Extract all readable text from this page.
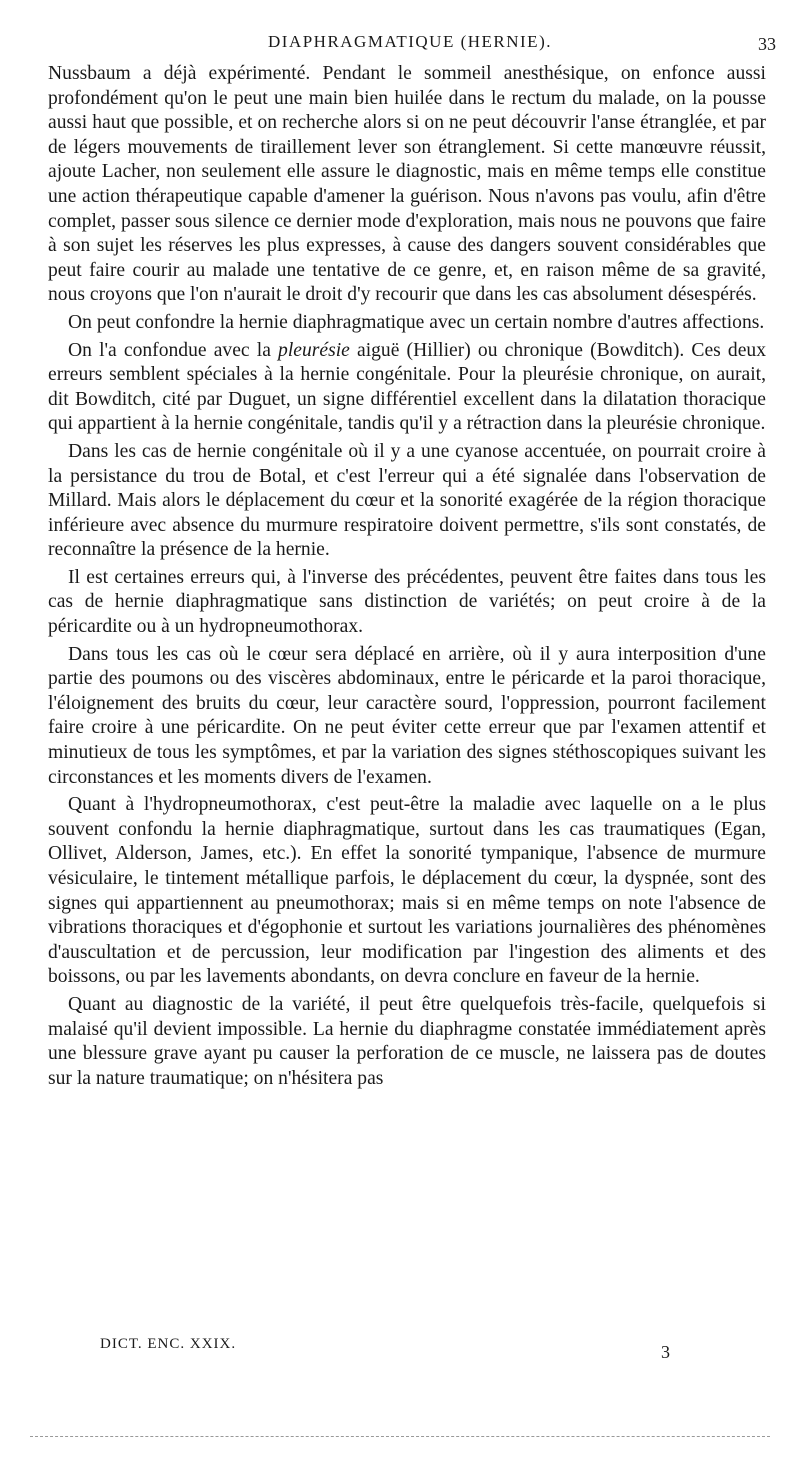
DIAPHRAGMATIQUE (HERNIE).	33

Nussbaum a déjà expérimenté. Pendant le sommeil anesthésique, on enfonce aussi profondément qu'on le peut une main bien huilée dans le rectum du malade, on la pousse aussi haut que possible, et on recherche alors si on ne peut découvrir l'anse étranglée, et par de légers mouvements de tiraillement lever son étranglement. Si cette manœuvre réussit, ajoute Lacher, non seulement elle assure le diagnostic, mais en même temps elle constitue une action thérapeutique capable d'amener la guérison. Nous n'avons pas voulu, afin d'être complet, passer sous silence ce dernier mode d'exploration, mais nous ne pouvons que faire à son sujet les réserves les plus expresses, à cause des dangers souvent considérables que peut faire courir au malade une tentative de ce genre, et, en raison même de sa gravité, nous croyons que l'on n'aurait le droit d'y recourir que dans les cas absolument désespérés.

On peut confondre la hernie diaphragmatique avec un certain nombre d'autres affections.

On l'a confondue avec la pleurésie aiguë (Hillier) ou chronique (Bowditch). Ces deux erreurs semblent spéciales à la hernie congénitale. Pour la pleurésie chronique, on aurait, dit Bowditch, cité par Duguet, un signe différentiel excellent dans la dilatation thoracique qui appartient à la hernie congénitale, tandis qu'il y a rétraction dans la pleurésie chronique.

Dans les cas de hernie congénitale où il y a une cyanose accentuée, on pourrait croire à la persistance du trou de Botal, et c'est l'erreur qui a été signalée dans l'observation de Millard. Mais alors le déplacement du cœur et la sonorité exagérée de la région thoracique inférieure avec absence du murmure respiratoire doivent permettre, s'ils sont constatés, de reconnaître la présence de la hernie.

Il est certaines erreurs qui, à l'inverse des précédentes, peuvent être faites dans tous les cas de hernie diaphragmatique sans distinction de variétés; on peut croire à de la péricardite ou à un hydropneumothorax.

Dans tous les cas où le cœur sera déplacé en arrière, où il y aura interposition d'une partie des poumons ou des viscères abdominaux, entre le péricarde et la paroi thoracique, l'éloignement des bruits du cœur, leur caractère sourd, l'oppression, pourront facilement faire croire à une péricardite. On ne peut éviter cette erreur que par l'examen attentif et minutieux de tous les symptômes, et par la variation des signes stéthoscopiques suivant les circonstances et les moments divers de l'examen.

Quant à l'hydropneumothorax, c'est peut-être la maladie avec laquelle on a le plus souvent confondu la hernie diaphragmatique, surtout dans les cas traumatiques (Egan, Ollivet, Alderson, James, etc.). En effet la sonorité tympanique, l'absence de murmure vésiculaire, le tintement métallique parfois, le déplacement du cœur, la dyspnée, sont des signes qui appartiennent au pneumothorax; mais si en même temps on note l'absence de vibrations thoraciques et d'égophonie et surtout les variations journalières des phénomènes d'auscultation et de percussion, leur modification par l'ingestion des aliments et des boissons, ou par les lavements abondants, on devra conclure en faveur de la hernie.

Quant au diagnostic de la variété, il peut être quelquefois très-facile, quelquefois si malaisé qu'il devient impossible. La hernie du diaphragme constatée immédiatement après une blessure grave ayant pu causer la perforation de ce muscle, ne laissera pas de doutes sur la nature traumatique; on n'hésitera pas

DICT. ENC. XXIX.	3
